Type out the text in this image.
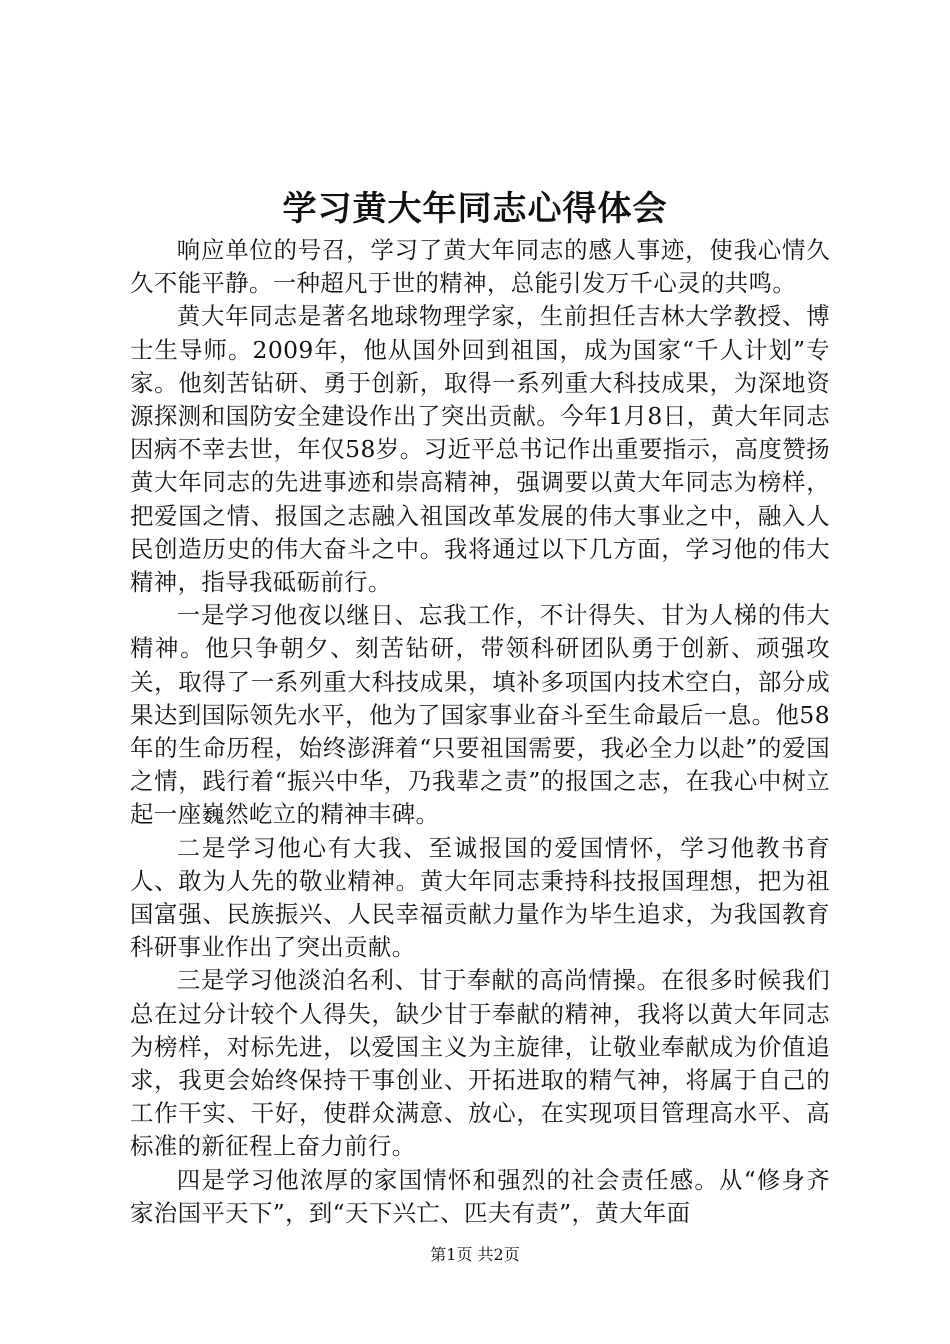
学习黄大年同志心得体会

响应单位的号召，学习了黄大年同志的感人事迹，使我心情久久不能平静。一种超凡于世的精神，总能引发万千心灵的共鸣。

黄大年同志是著名地球物理学家，生前担任吉林大学教授、博士生导师。2009年，他从国外回到祖国，成为国家“千人计划”专家。他刻苦钻研、勇于创新，取得一系列重大科技成果，为深地资源探测和国防安全建设作出了突出贡献。今年1月8日，黄大年同志因病不幸去世，年仅58岁。习近平总书记作出重要指示，高度赞扬黄大年同志的先进事迹和崇高精神，强调要以黄大年同志为榜样，把爱国之情、报国之志融入祖国改革发展的伟大事业之中，融入人民创造历史的伟大奋斗之中。我将通过以下几方面，学习他的伟大精神，指导我砥砺前行。

一是学习他夜以继日、忘我工作，不计得失、甘为人梯的伟大精神。他只争朝夕、刻苦钻研，带领科研团队勇于创新、顽强攻关，取得了一系列重大科技成果，填补多项国内技术空白，部分成果达到国际领先水平，他为了国家事业奋斗至生命最后一息。他58年的生命历程，始终澎湃着“只要祖国需要，我必全力以赴”的爱国之情，践行着“振兴中华，乃我辈之责”的报国之志，在我心中树立起一座巍然屹立的精神丰碑。

二是学习他心有大我、至诚报国的爱国情怀，学习他教书育人、敢为人先的敬业精神。黄大年同志秉持科技报国理想，把为祖国富强、民族振兴、人民幸福贡献力量作为毕生追求，为我国教育科研事业作出了突出贡献。

三是学习他淡泊名利、甘于奉献的高尚情操。在很多时候我们总在过分计较个人得失，缺少甘于奉献的精神，我将以黄大年同志为榜样，对标先进，以爱国主义为主旋律，让敬业奉献成为价值追求，我更会始终保持干事创业、开拓进取的精气神，将属于自己的工作干实、干好，使群众满意、放心，在实现项目管理高水平、高标准的新征程上奋力前行。

四是学习他浓厚的家国情怀和强烈的社会责任感。从“修身齐家治国平天下”，到“天下兴亡、匹夫有责”，黄大年面

第1页 共2页
